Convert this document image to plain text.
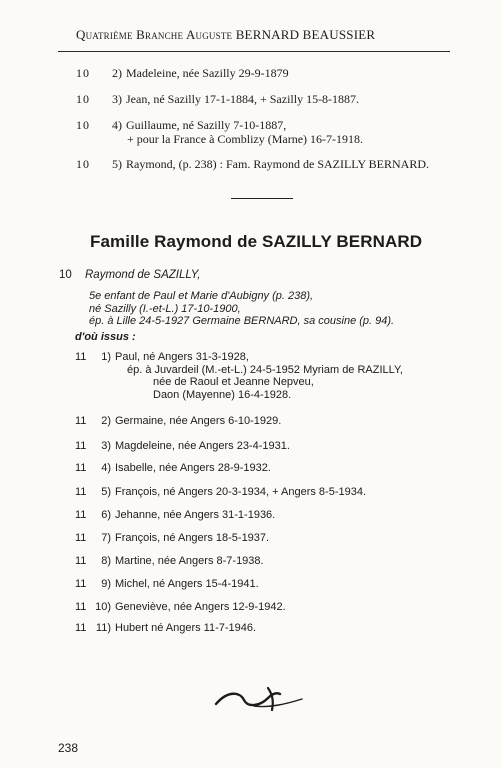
Quatrième Branche Auguste BERNARD BEAUSSIER
10 2) Madeleine, née Sazilly 29-9-1879
10 3) Jean, né Sazilly 17-1-1884, + Sazilly 15-8-1887.
10 4) Guillaume, né Sazilly 7-10-1887,
+ pour la France à Comblizy (Marne) 16-7-1918.
10 5) Raymond, (p. 238) : Fam. Raymond de SAZILLY BERNARD.
Famille Raymond de SAZILLY BERNARD
10 Raymond de SAZILLY,
5e enfant de Paul et Marie d'Aubigny (p. 238),
né Sazilly (I.-et-L.) 17-10-1900,
ép. à Lille 24-5-1927 Germaine BERNARD, sa cousine (p. 94).
d'où issus :
11 1) Paul, né Angers 31-3-1928,
ép. à Juvardeil (M.-et-L.) 24-5-1952 Myriam de RAZILLY,
née de Raoul et Jeanne Nepveu,
Daon (Mayenne) 16-4-1928.
11 2) Germaine, née Angers 6-10-1929.
11 3) Magdeleine, née Angers 23-4-1931.
11 4) Isabelle, née Angers 28-9-1932.
11 5) François, né Angers 20-3-1934, + Angers 8-5-1934.
11 6) Jehanne, née Angers 31-1-1936.
11 7) François, né Angers 18-5-1937.
11 8) Martine, née Angers 8-7-1938.
11 9) Michel, né Angers 15-4-1941.
11 10) Geneviève, née Angers 12-9-1942.
11 11) Hubert né Angers 11-7-1946.
238
